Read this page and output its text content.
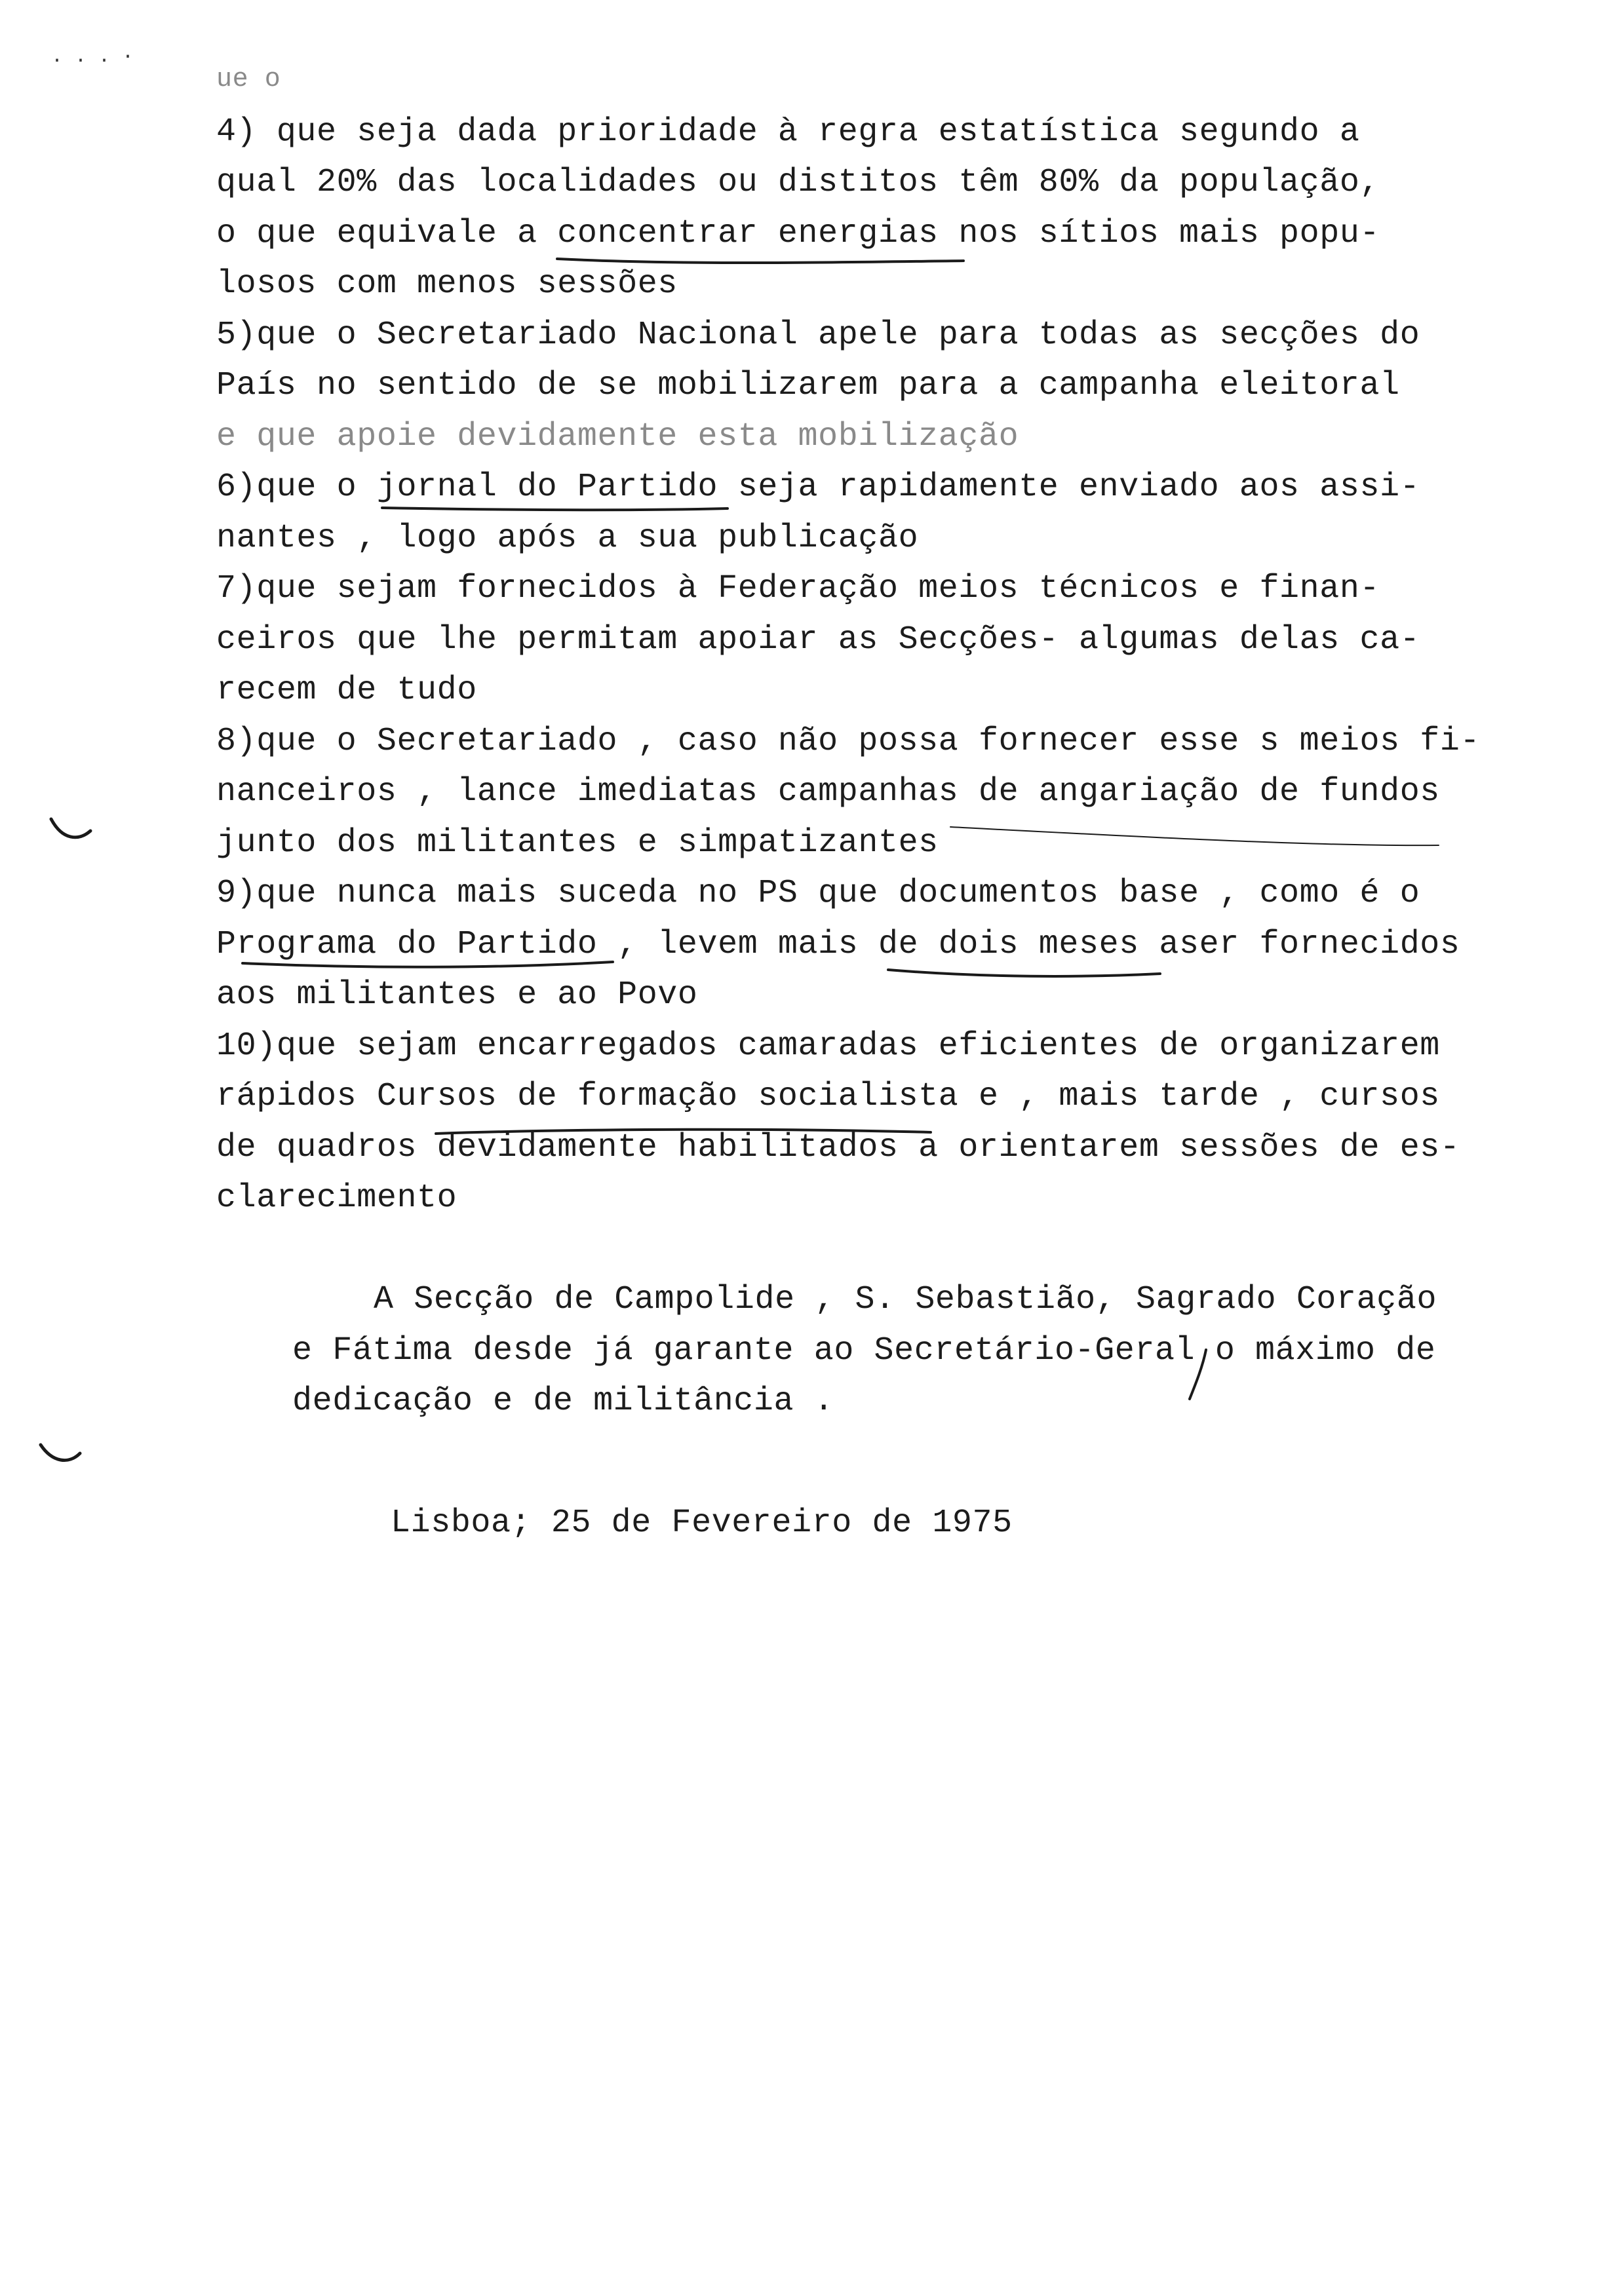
. . . ·
ue o
4) que seja dada prioridade à regra estatística segundo a
qual 20% das localidades ou distitos têm 80% da população,
o que equivale a concentrar energias nos sítios mais popu-
losos com menos sessões
5)que o Secretariado Nacional apele para todas as secções do
País no sentido de se mobilizarem para a campanha eleitoral
e que apoie devidamente esta mobilização
6)que o jornal do Partido seja rapidamente enviado aos assi-
nantes , logo após a sua publicação
7)que sejam fornecidos à Federação meios técnicos e finan-
ceiros que lhe permitam apoiar as Secções- algumas delas ca-
recem de tudo
8)que o Secretariado , caso não possa fornecer esse s meios fi-
nanceiros , lance imediatas campanhas de angariação de fundos
junto dos militantes e simpatizantes
9)que nunca mais suceda no PS que documentos base , como é o
Programa do Partido , levem mais de dois meses aser fornecidos
aos militantes e ao Povo
10)que sejam encarregados camaradas eficientes de organizarem
rápidos Cursos de formação socialista e , mais tarde , cursos
de quadros devidamente habilitados a orientarem sessões de es-
clarecimento
A Secção de Campolide , S. Sebastião, Sagrado Coração
e Fátima desde já garante ao Secretário-Geral o máximo de
dedicação e de militância .
Lisboa; 25 de Fevereiro de 1975
